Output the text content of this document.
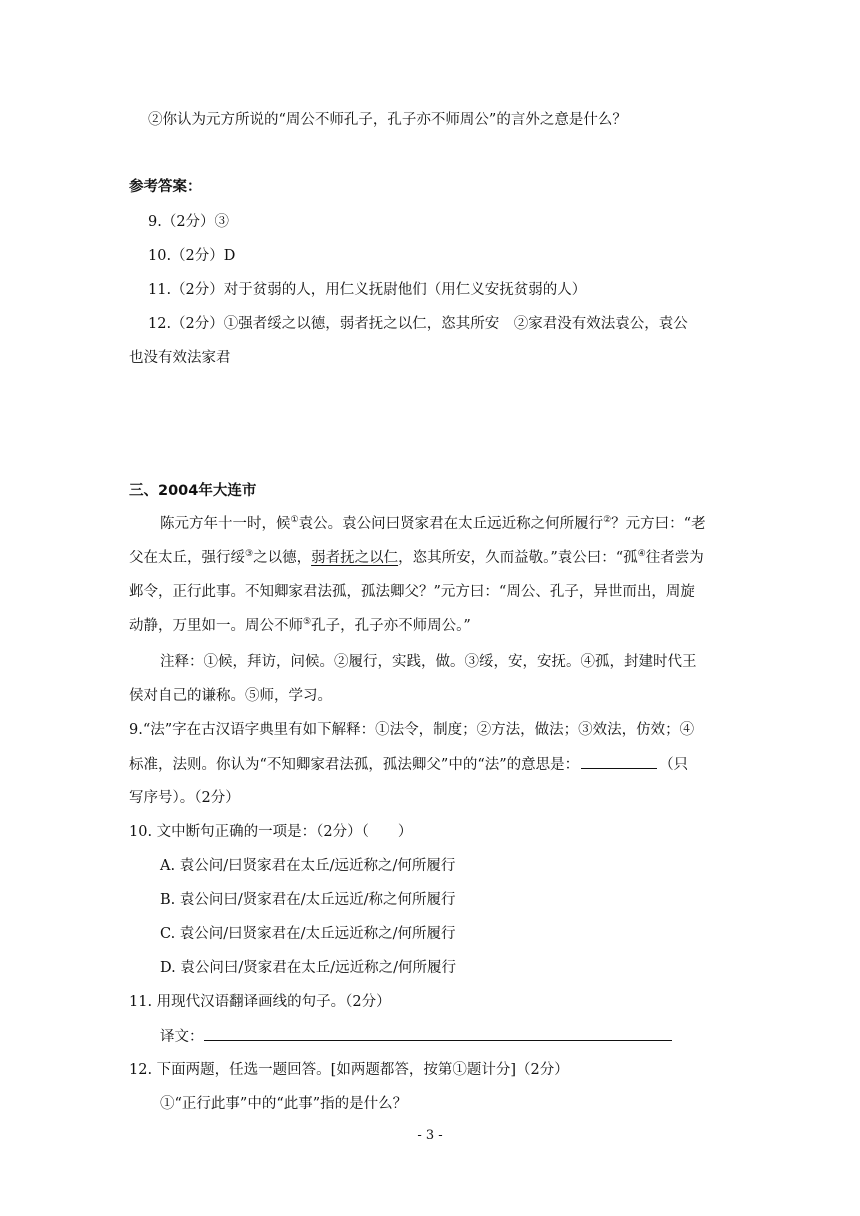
②你认为元方所说的“周公不师孔子，孔子亦不师周公”的言外之意是什么？
参考答案：
9.（2分）③
10.（2分）D
11.（2分）对于贫弱的人，用仁义抚尉他们（用仁义安抚贫弱的人）
12.（2分）①强者绥之以德，弱者抚之以仁，恣其所安　②家君没有效法袁公，袁公
也没有效法家君
三、2004年大连市
陈元方年十一时，候①袁公。袁公问曰贤家君在太丘远近称之何所履行②？元方曰：“老
父在太丘，强行绥③之以德，弱者抚之以仁，恣其所安，久而益敬。”袁公曰：“孤④往者尝为
邺令，正行此事。不知卿家君法孤，孤法卿父？”元方曰：“周公、孔子，异世而出，周旋
动静，万里如一。周公不师⑤孔子，孔子亦不师周公。”
注释：①候，拜访，问候。②履行，实践，做。③绥，安，安抚。④孤，封建时代王
侯对自己的谦称。⑤师，学习。
9.“法”字在古汉语字典里有如下解释：①法令，制度；②方法，做法；③效法，仿效；④
标准，法则。你认为“不知卿家君法孤，孤法卿父”中的“法”的意思是：	（只
写序号）。（2分）
10. 文中断句正确的一项是：（2分）（　　）
A. 袁公问/曰贤家君在太丘/远近称之/何所履行
B. 袁公问曰/贤家君在/太丘远近/称之何所履行
C. 袁公问/曰贤家君在/太丘远近称之/何所履行
D. 袁公问曰/贤家君在太丘/远近称之/何所履行
11. 用现代汉语翻译画线的句子。（2分）
译文：
12. 下面两题，任选一题回答。[如两题都答，按第①题计分]（2分）
①“正行此事”中的“此事”指的是什么？
- 3 -
